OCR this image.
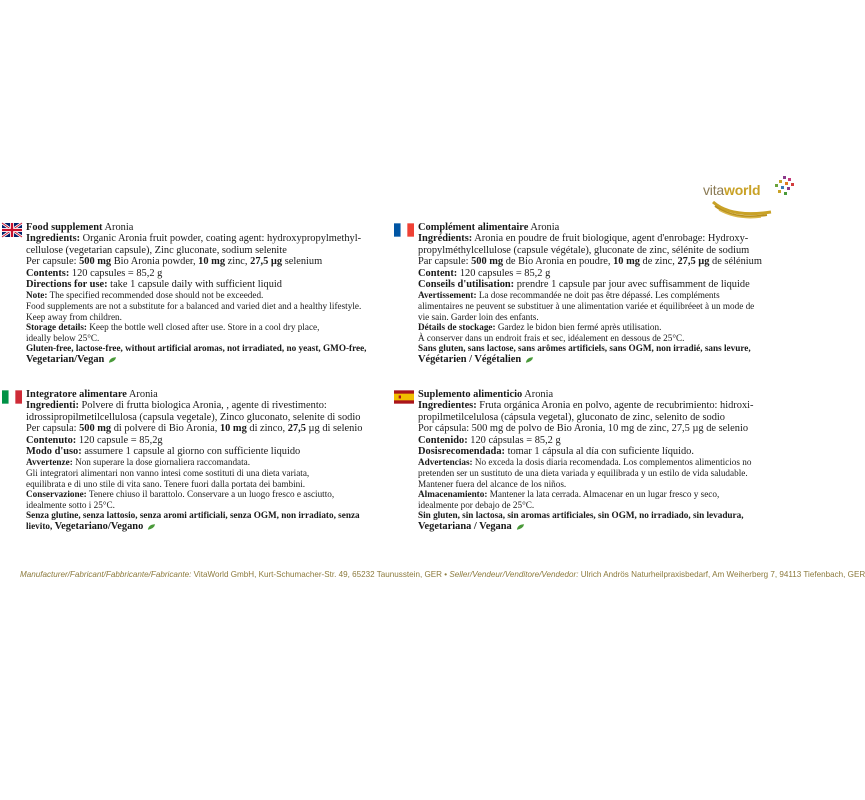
vitaworld
Food supplement Aronia
Ingredients: Organic Aronia fruit powder, coating agent: hydroxypropylmethyl-
cellulose (vegetarian capsule), Zinc gluconate, sodium selenite
Per capsule: 500 mg Bio Aronia powder, 10 mg zinc, 27,5 µg selenium
Contents: 120 capsules = 85,2 g
Directions for use: take 1 capsule daily with sufficient liquid
Note: The specified recommended dose should not be exceeded.
Food supplements are not a substitute for a balanced and varied diet and a healthy lifestyle.
Keep away from children.
Storage details: Keep the bottle well closed after use. Store in a cool dry place,
ideally below 25°C.
Gluten-free, lactose-free, without artificial aromas, not irradiated, no yeast, GMO-free,
Vegetarian/Vegan
Complément alimentaire Aronia
Ingrédients: Aronia en poudre de fruit biologique, agent d'enrobage: Hydroxy-
propylméthylcellulose (capsule végétale), gluconate de zinc, sélénite de sodium
Par capsule: 500 mg de Bio Aronia en poudre, 10 mg de zinc, 27,5 µg de sélénium
Content: 120 capsules = 85,2 g
Conseils d'utilisation: prendre 1 capsule par jour avec suffisamment de liquide
Avertissement: La dose recommandée ne doit pas être dépassé. Les compléments
alimentaires ne peuvent se substituer à une alimentation variée et équilibréeet à un mode de
vie sain. Garder loin des enfants.
Détails de stockage: Gardez le bidon bien fermé après utilisation.
À conserver dans un endroit frais et sec, idéalement en dessous de 25°C.
Sans gluten, sans lactose, sans arômes artificiels, sans OGM, non irradié, sans levure,
Végétarien / Végétalien
Integratore alimentare Aronia
Ingredienti: Polvere di frutta biologica Aronia, , agente di rivestimento:
idrossipropilmetilcellulosa (capsula vegetale), Zinco gluconato, selenite di sodio
Per capsula: 500 mg di polvere di Bio Aronia, 10 mg di zinco, 27,5 µg di selenio
Contenuto: 120 capsule = 85,2g
Modo d'uso: assumere 1 capsule al giorno con sufficiente liquido
Avvertenze: Non superare la dose giornaliera raccomandata.
Gli integratori alimentari non vanno intesi come sostituti di una dieta variata,
equilibrata e di uno stile di vita sano. Tenere fuori dalla portata dei bambini.
Conservazione: Tenere chiuso il barattolo. Conservare a un luogo fresco e asciutto,
idealmente sotto i 25°C.
Senza glutine, senza lattosio, senza aromi artificiali, senza OGM, non irradiato, senza
lievito, Vegetariano/Vegano
Suplemento alimenticio Aronia
Ingredientes: Fruta orgánica Aronia en polvo, agente de recubrimiento: hidroxi-
propilmetilcelulosa (cápsula vegetal), gluconato de zinc, selenito de sodio
Por cápsula: 500 mg de polvo de Bio Aronia, 10 mg de zinc, 27,5 µg de selenio
Contenido: 120 cápsulas = 85,2 g
Dosisrecomendada: tomar 1 cápsula al día con suficiente líquido.
Advertencias: No exceda la dosis diaria recomendada. Los complementos alimenticios no
pretenden ser un sustituto de una dieta variada y equilibrada y un estilo de vida saludable.
Mantener fuera del alcance de los niños.
Almacenamiento: Mantener la lata cerrada. Almacenar en un lugar fresco y seco,
idealmente por debajo de 25°C.
Sin gluten, sin lactosa, sin aromas artificiales, sin OGM, no irradiado, sin levadura,
Vegetariana / Vegana
Manufacturer/Fabricant/Fabbricante/Fabricante: VitaWorld GmbH, Kurt-Schumacher-Str. 49, 65232 Taunusstein, GER • Seller/Vendeur/Venditore/Vendedor: Ulrich Andrös Naturheilpraxisbedarf, Am Weiherberg 7, 94113 Tiefenbach, GER
